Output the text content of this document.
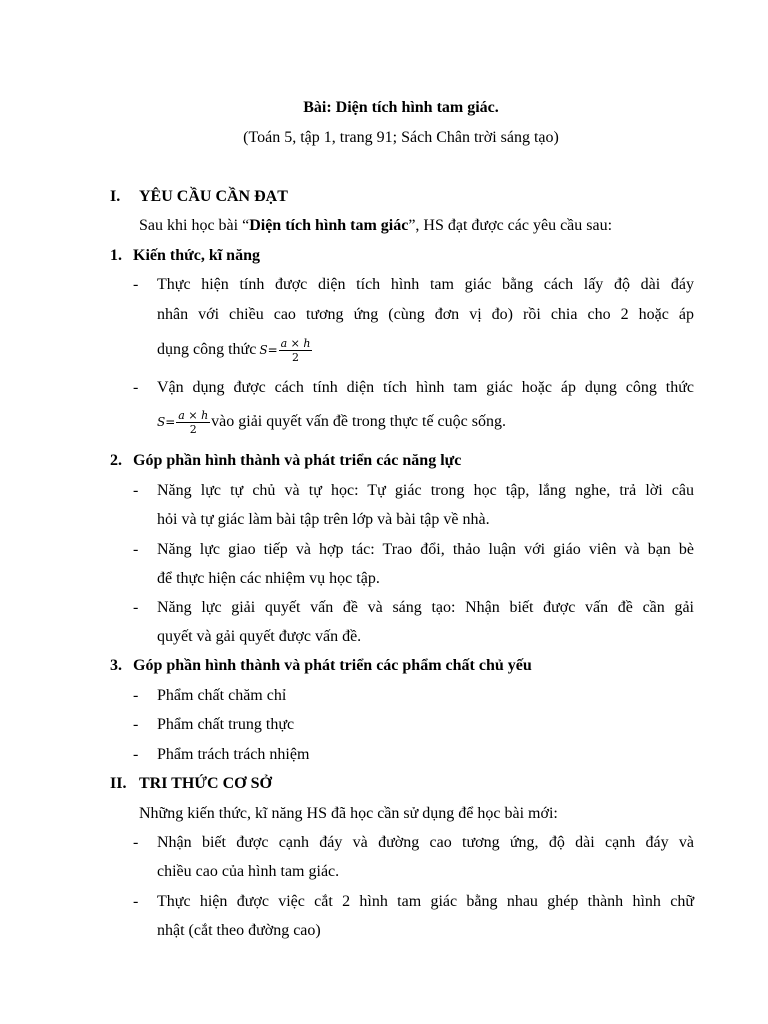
Bài: Diện tích hình tam giác.
(Toán 5, tập 1, trang 91; Sách Chân trời sáng tạo)
I. YÊU CẦU CẦN ĐẠT
Sau khi học bài “Diện tích hình tam giác”, HS đạt được các yêu cầu sau:
1. Kiến thức, kĩ năng
- Thực hiện tính được diện tích hình tam giác bằng cách lấy độ dài đáy
nhân với chiều cao tương ứng (cùng đơn vị đo) rồi chia cho 2 hoặc áp
dụng công thức $S= \frac{a \times h}{2}$
- Vận dụng được cách tính diện tích hình tam giác hoặc áp dụng công thức
$S= \frac{a \times h}{2}$ vào giải quyết vấn đề trong thực tế cuộc sống.
2. Góp phần hình thành và phát triển các năng lực
- Năng lực tự chủ và tự học: Tự giác trong học tập, lắng nghe, trả lời câu
hỏi và tự giác làm bài tập trên lớp và bài tập về nhà.
- Năng lực giao tiếp và hợp tác: Trao đổi, thảo luận với giáo viên và bạn bè
để thực hiện các nhiệm vụ học tập.
- Năng lực giải quyết vấn đề và sáng tạo: Nhận biết được vấn đề cần gải
quyết và gải quyết được vấn đề.
3. Góp phần hình thành và phát triển các phẩm chất chủ yếu
- Phẩm chất chăm chỉ
- Phẩm chất trung thực
- Phẩm trách trách nhiệm
II. TRI THỨC CƠ SỞ
Những kiến thức, kĩ năng HS đã học cần sử dụng để học bài mới:
- Nhận biết được cạnh đáy và đường cao tương ứng, độ dài cạnh đáy và
chiều cao của hình tam giác.
- Thực hiện được việc cắt 2 hình tam giác bằng nhau ghép thành hình chữ
nhật (cắt theo đường cao)
